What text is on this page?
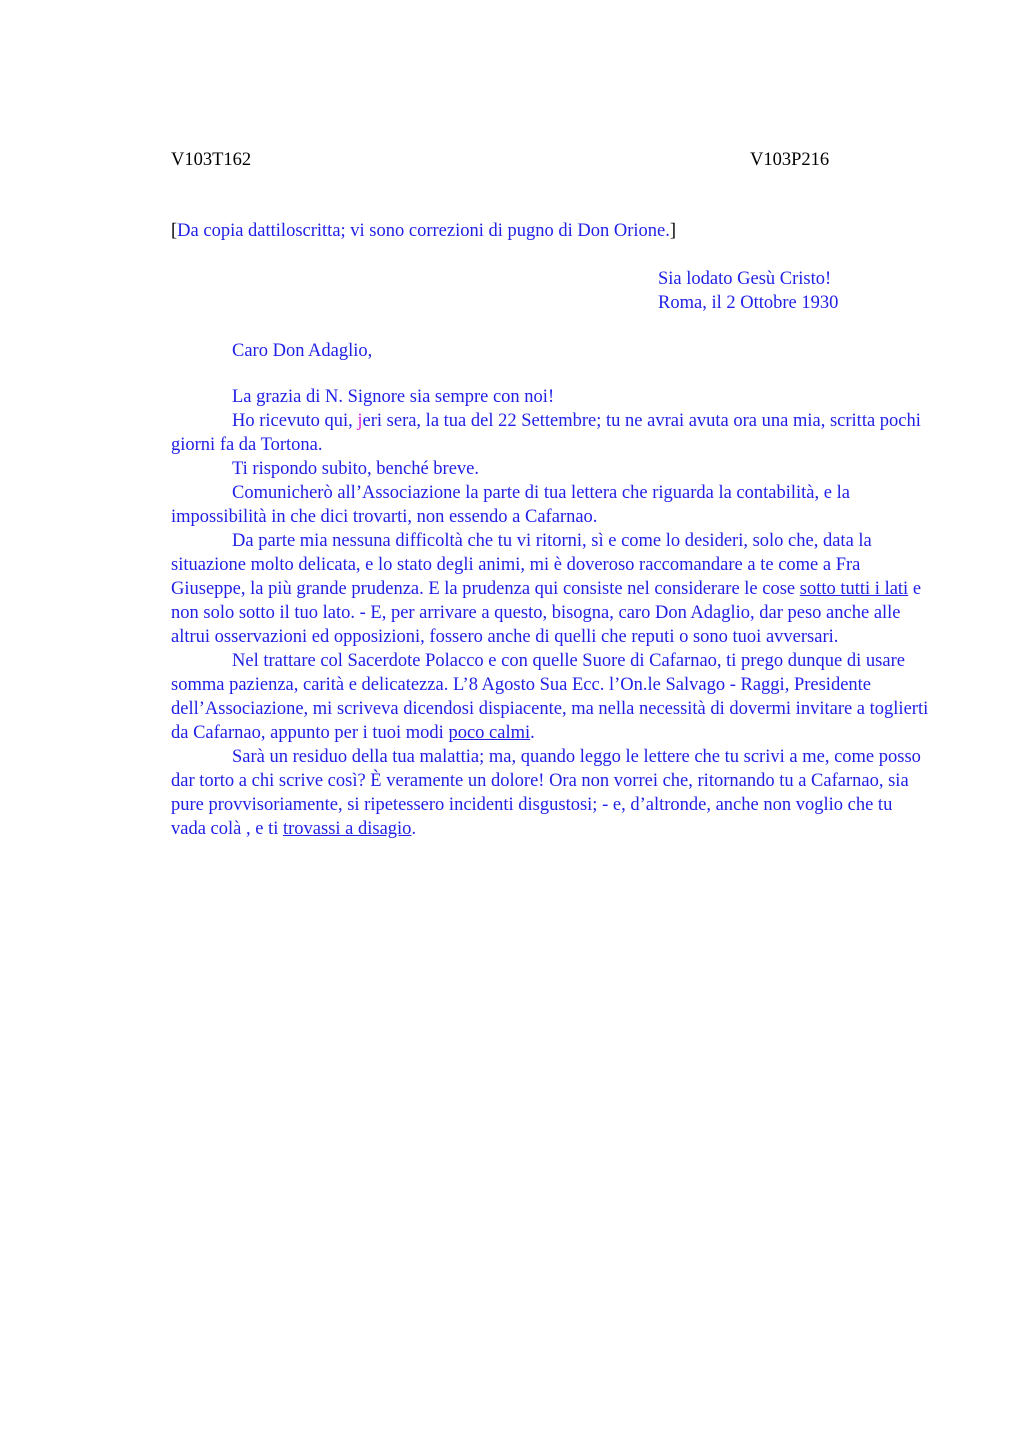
V103T162	V103P216
[Da copia dattiloscritta; vi sono correzioni di pugno di Don Orione.]
Sia lodato Gesù Cristo!
Roma, il 2 Ottobre 1930
Caro Don Adaglio,

La grazia di N. Signore sia sempre con noi!

Ho ricevuto qui, jeri sera, la tua del 22 Settembre; tu ne avrai avuta ora una mia, scritta pochi giorni fa da Tortona.

Ti rispondo subito, benché breve.

Comunicherò all’Associazione la parte di tua lettera che riguarda la contabilità, e la impossibilità in che dici trovarti, non essendo a Cafarnao.

Da parte mia nessuna difficoltà che tu vi ritorni, sì e come lo desideri, solo che, data la situazione molto delicata, e lo stato degli animi, mi è doveroso raccomandare a te come a Fra Giuseppe, la più grande prudenza. E la prudenza qui consiste nel considerare le cose sotto tutti i lati e non solo sotto il tuo lato. - E, per arrivare a questo, bisogna, caro Don Adaglio, dar peso anche alle altrui osservazioni ed opposizioni, fossero anche di quelli che reputi o sono tuoi avversari.

Nel trattare col Sacerdote Polacco e con quelle Suore di Cafarnao, ti prego dunque di usare somma pazienza, carità e delicatezza. L’8 Agosto Sua Ecc. l’On.le Salvago - Raggi, Presidente dell’Associazione, mi scriveva dicendosi dispiacente, ma nella necessità di dovermi invitare a toglierti da Cafarnao, appunto per i tuoi modi poco calmi.

Sarà un residuo della tua malattia; ma, quando leggo le lettere che tu scrivi a me, come posso dar torto a chi scrive così? È veramente un dolore! Ora non vorrei che, ritornando tu a Cafarnao, sia pure provvisoriamente, si ripetessero incidenti disgustosi; - e, d’altronde, anche non voglio che tu vada colà , e ti trovassi a disagio.
